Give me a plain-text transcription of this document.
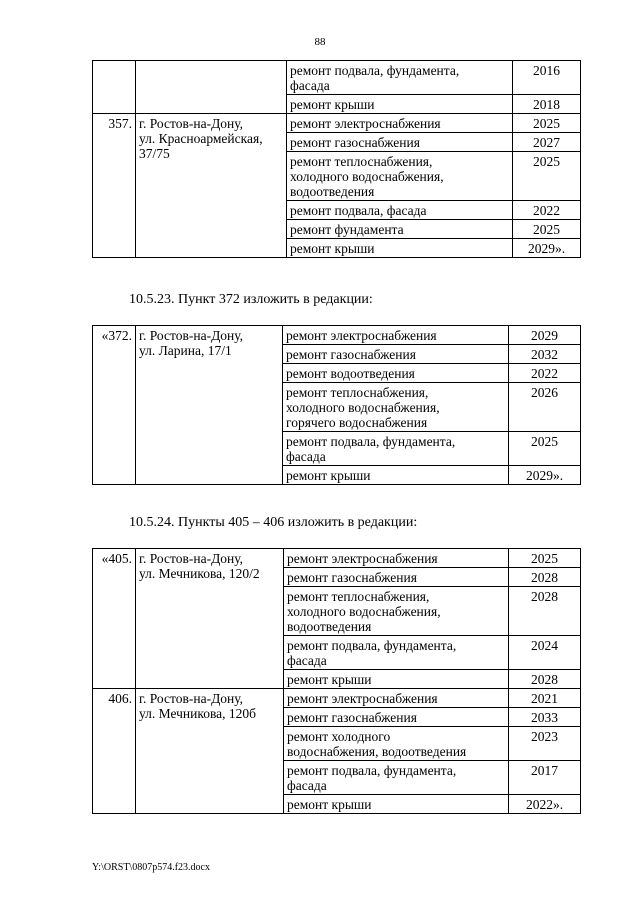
88

		ремонт подвала, фундамента,
фасада	2016

		ремонт крыши	2018
357.	г. Ростов-на-Дону,
ул. Красноармейская,
37/75	ремонт электроснабжения	2025

		ремонт газоснабжения	2027

		ремонт теплоснабжения,
холодного водоснабжения,
водоотведения	2025

		ремонт подвала, фасада	2022

		ремонт фундамента	2025

		ремонт крыши	2029».
10.5.23. Пункт 372 изложить в редакции:
«372.	г. Ростов-на-Дону,
ул. Ларина, 17/1	ремонт электроснабжения	2029

		ремонт газоснабжения	2032

		ремонт водоотведения	2022

		ремонт теплоснабжения,
холодного водоснабжения,
горячего водоснабжения	2026

		ремонт подвала, фундамента,
фасада	2025

		ремонт крыши	2029».
10.5.24. Пункты 405 – 406 изложить в редакции:
«405.	г. Ростов-на-Дону,
ул. Мечникова, 120/2	ремонт электроснабжения	2025

		ремонт газоснабжения	2028

		ремонт теплоснабжения,
холодного водоснабжения,
водоотведения	2028

		ремонт подвала, фундамента,
фасада	2024

		ремонт крыши	2028
406.	г. Ростов-на-Дону,
ул. Мечникова, 120б	ремонт электроснабжения	2021

		ремонт газоснабжения	2033

		ремонт холодного
водоснабжения, водоотведения	2023

		ремонт подвала, фундамента,
фасада	2017

		ремонт крыши	2022».
Y:\ORST\0807p574.f23.docx
